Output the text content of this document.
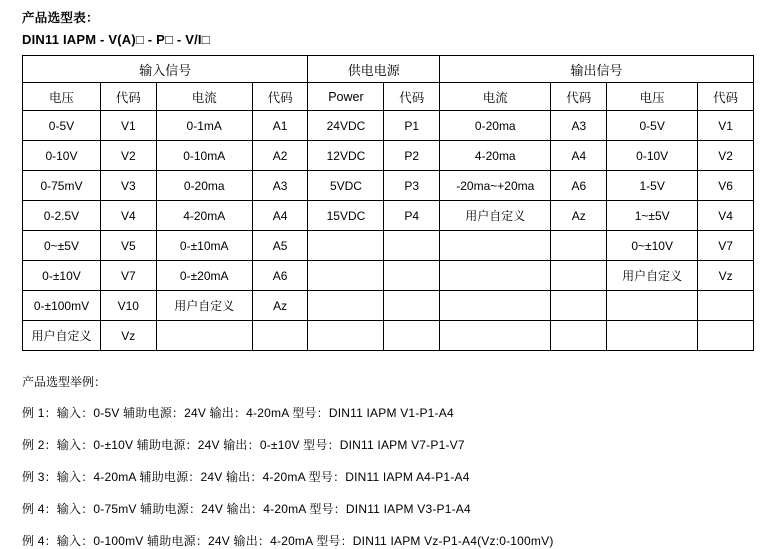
产品选型表：
DIN11 IAPM - V(A)□ - P□ - V/I□
输入信号				供电电源		输出信号			
电压	代码	电流	代码	Power	代码	电流	代码	电压	代码
0-5V	V1	0-1mA	A1	24VDC	P1	0-20ma	A3	0-5V	V1
0-10V	V2	0-10mA	A2	12VDC	P2	4-20ma	A4	0-10V	V2
0-75mV	V3	0-20ma	A3	5VDC	P3	-20ma~+20ma	A6	1-5V	V6
0-2.5V	V4	4-20mA	A4	15VDC	P4	用户自定义	Az	1~±5V	V4
0~±5V	V5	0-±10mA	A5					0~±10V	V7
0-±10V	V7	0-±20mA	A6					用户自定义	Vz
0-±100mV	V10	用户自定义	Az						
用户自定义	Vz								
产品选型举例：
例 1：输入：0-5V 辅助电源：24V 输出：4-20mA 型号：DIN11 IAPM V1-P1-A4
例 2：输入：0-±10V 辅助电源：24V 输出：0-±10V 型号：DIN11 IAPM V7-P1-V7
例 3：输入：4-20mA 辅助电源：24V 输出：4-20mA 型号：DIN11 IAPM A4-P1-A4
例 4：输入：0-75mV 辅助电源：24V 输出：4-20mA 型号：DIN11 IAPM V3-P1-A4
例 4：输入：0-100mV 辅助电源：24V 输出：4-20mA 型号：DIN11 IAPM Vz-P1-A4(Vz:0-100mV)
